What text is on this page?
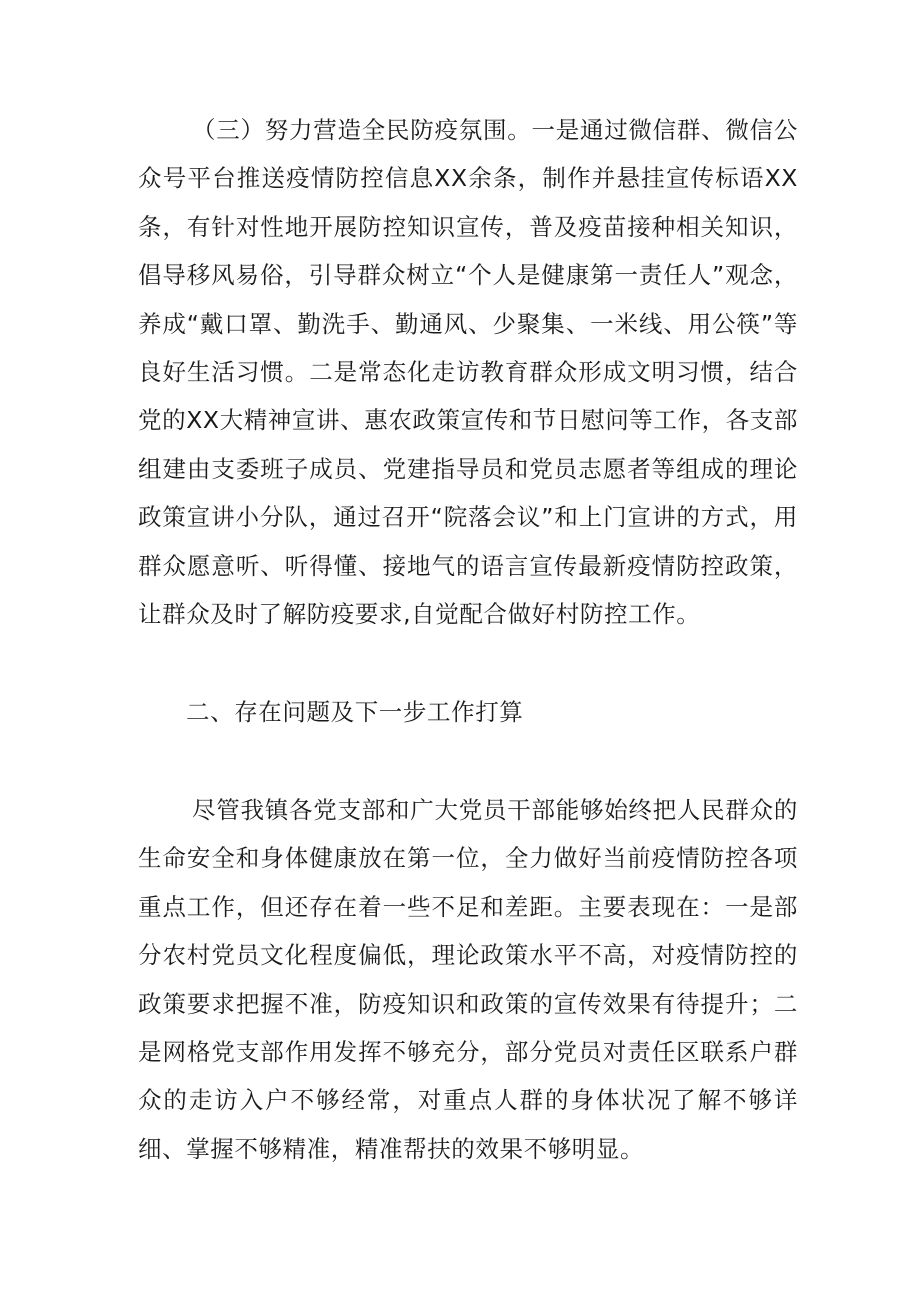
（三）努力营造全民防疫氛围。一是通过微信群、微信公众号平台推送疫情防控信息XX余条，制作并悬挂宣传标语XX条，有针对性地开展防控知识宣传，普及疫苗接种相关知识，倡导移风易俗，引导群众树立“个人是健康第一责任人”观念，养成“戴口罩、勤洗手、勤通风、少聚集、一米线、用公筷”等良好生活习惯。二是常态化走访教育群众形成文明习惯，结合党的XX大精神宣讲、惠农政策宣传和节日慰问等工作，各支部组建由支委班子成员、党建指导员和党员志愿者等组成的理论政策宣讲小分队，通过召开“院落会议”和上门宣讲的方式，用群众愿意听、听得懂、接地气的语言宣传最新疫情防控政策，让群众及时了解防疫要求,自觉配合做好村防控工作。

二、存在问题及下一步工作打算

尽管我镇各党支部和广大党员干部能够始终把人民群众的生命安全和身体健康放在第一位，全力做好当前疫情防控各项重点工作，但还存在着一些不足和差距。主要表现在：一是部分农村党员文化程度偏低，理论政策水平不高，对疫情防控的政策要求把握不准，防疫知识和政策的宣传效果有待提升；二是网格党支部作用发挥不够充分，部分党员对责任区联系户群众的走访入户不够经常，对重点人群的身体状况了解不够详细、掌握不够精准，精准帮扶的效果不够明显。
